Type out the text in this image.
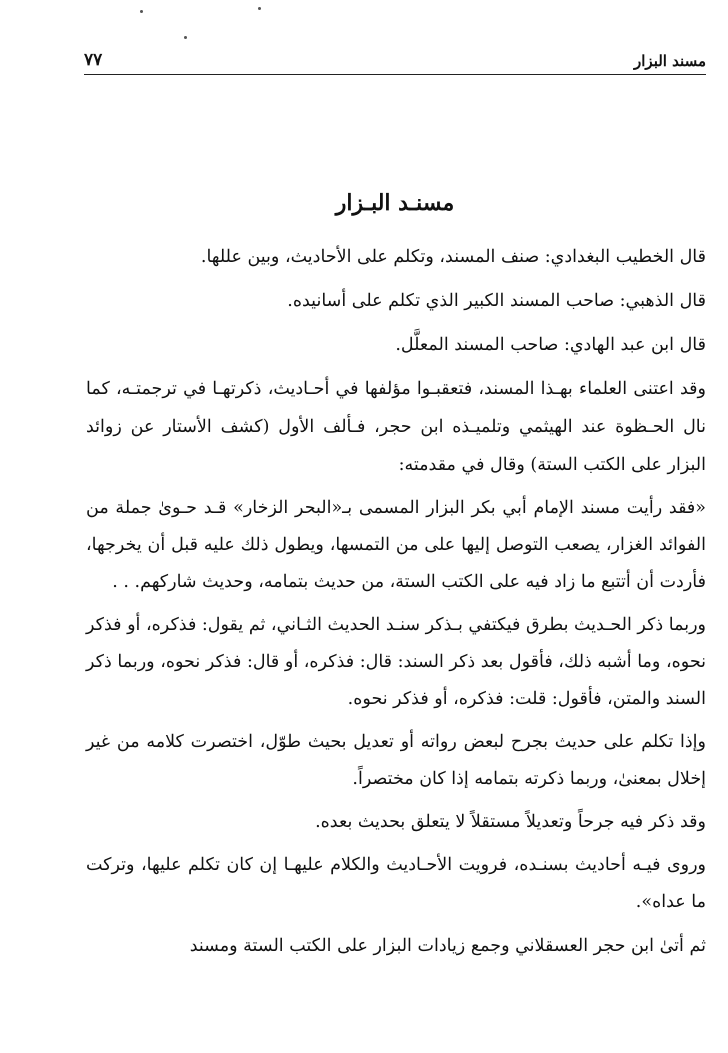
مسند البزار
٧٧
مسنـد البـزار

قال الخطيب البغدادي: صنف المسند، وتكلم على الأحاديث، وبين عللها.

قال الذهبي: صاحب المسند الكبير الذي تكلم على أسانيده.

قال ابن عبد الهادي: صاحب المسند المعلَّل.

وقد اعتنى العلماء بهـذا المسند، فتعقبـوا مؤلفها في أحـاديث، ذكرتهـا في ترجمتـه، كما نال الحـظوة عند الهيثمي وتلميـذه ابن حجر، فـألف الأول (كشف الأستار عن زوائد البزار على الكتب الستة) وقال في مقدمته:

«فقد رأيت مسند الإمام أبي بكر البزار المسمى بـ«البحر الزخار» قـد حـوىٰ جملة من الفوائد الغزار، يصعب التوصل إليها على من التمسها، ويطول ذلك عليه قبل أن يخرجها، فأردت أن أتتبع ما زاد فيه على الكتب الستة، من حديث بتمامه، وحديث شاركهم. . .

وربما ذكر الحـديث بطرق فيكتفي بـذكر سنـد الحديث الثـاني، ثم يقول: فذكره، أو فذكر نحوه، وما أشبه ذلك، فأقول بعد ذكر السند: قال: فذكره، أو قال: فذكر نحوه، وربما ذكر السند والمتن، فأقول: قلت: فذكره، أو فذكر نحوه.

وإذا تكلم على حديث بجرح لبعض رواته أو تعديل بحيث طوّل، اختصرت كلامه من غير إخلال بمعنىٰ، وربما ذكرته بتمامه إذا كان مختصراً.

وقد ذكر فيه جرحاً وتعديلاً مستقلاً لا يتعلق بحديث بعده.

وروى فيـه أحاديث بسنـده، فرويت الأحـاديث والكلام عليهـا إن كان تكلم عليها، وتركت ما عداه».

ثم أتىٰ ابن حجر العسقلاني وجمع زيادات البزار على الكتب الستة ومسند
